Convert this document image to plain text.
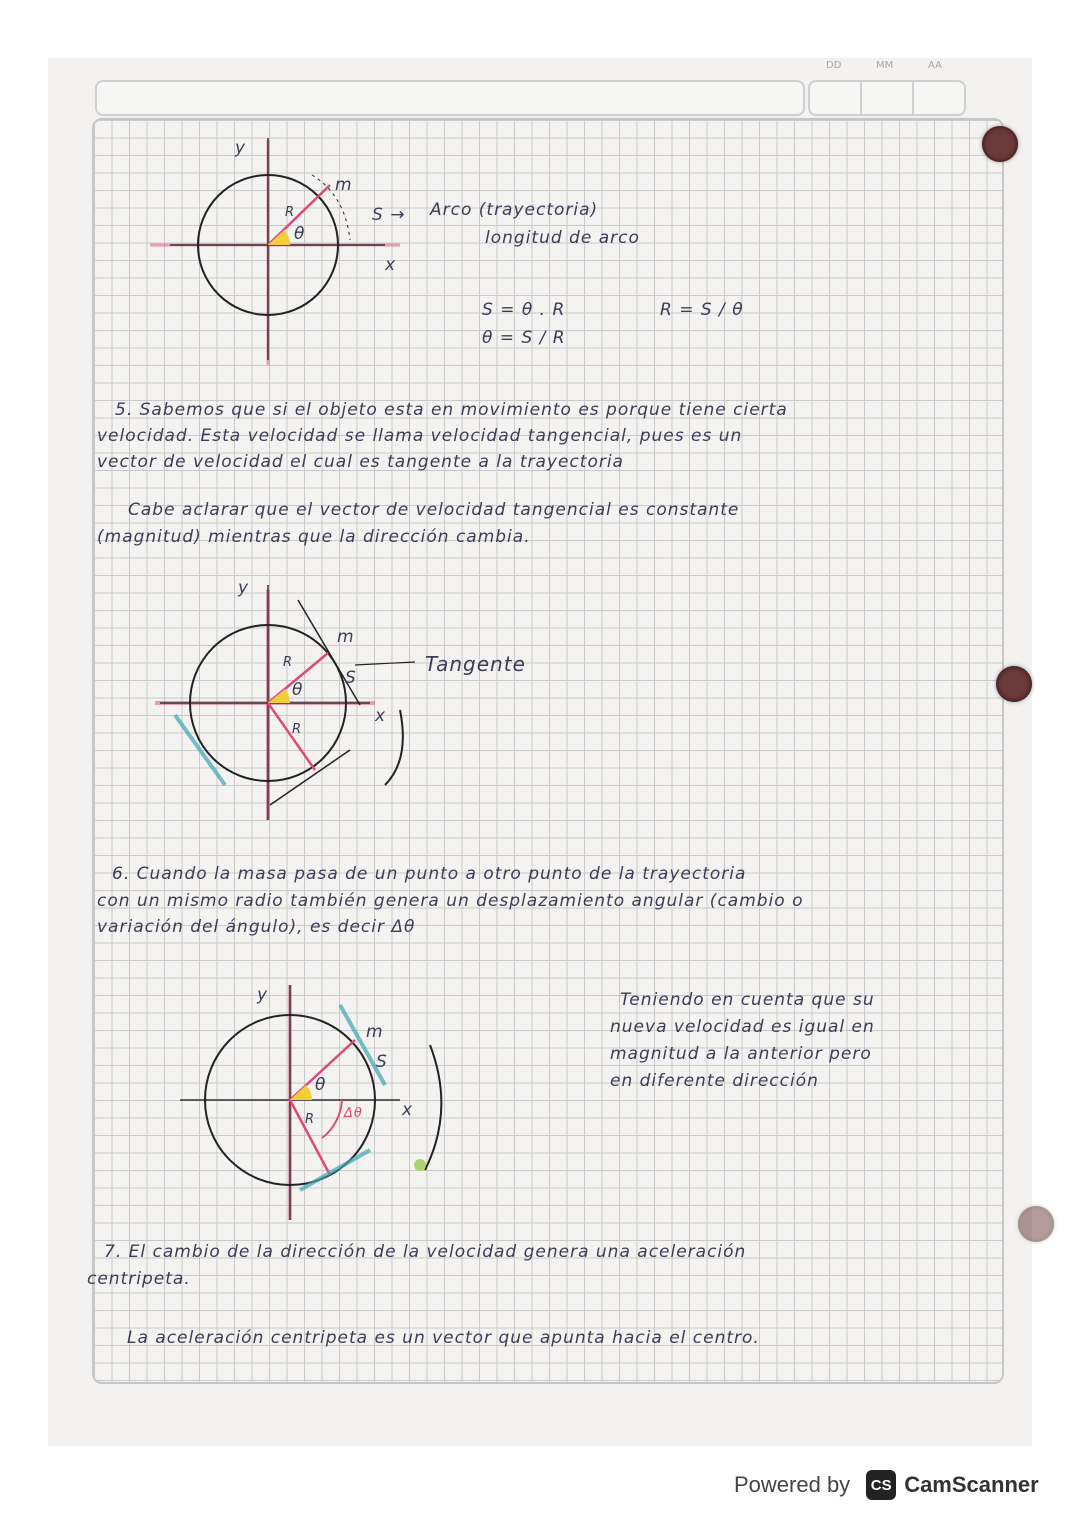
DD	MM	AA
y
x
m
R
θ
S → Arco (trayectoria)
longitud de arco
S = θ . R
θ = S / R
R = S / θ
5. Sabemos que si el objeto esta en movimiento es porque tiene cierta
velocidad. Esta velocidad se llama velocidad tangencial, pues es un
vector de velocidad el cual es tangente a la trayectoria
Cabe aclarar que el vector de velocidad tangencial es constante
(magnitud) mientras que la dirección cambia.
y
x
m
R
R
θ
S
Tangente
6. Cuando la masa pasa de un punto a otro punto de la trayectoria
con un mismo radio también genera un desplazamiento angular (cambio o
variación del ángulo), es decir Δθ
y
x
m
R
θ
S
Δθ
Teniendo en cuenta que su
nueva velocidad es igual en
magnitud a la anterior pero
en diferente dirección
7. El cambio de la dirección de la velocidad genera una aceleración
centripeta.
La aceleración centripeta es un vector que apunta hacia el centro.
Powered by	CS CamScanner
